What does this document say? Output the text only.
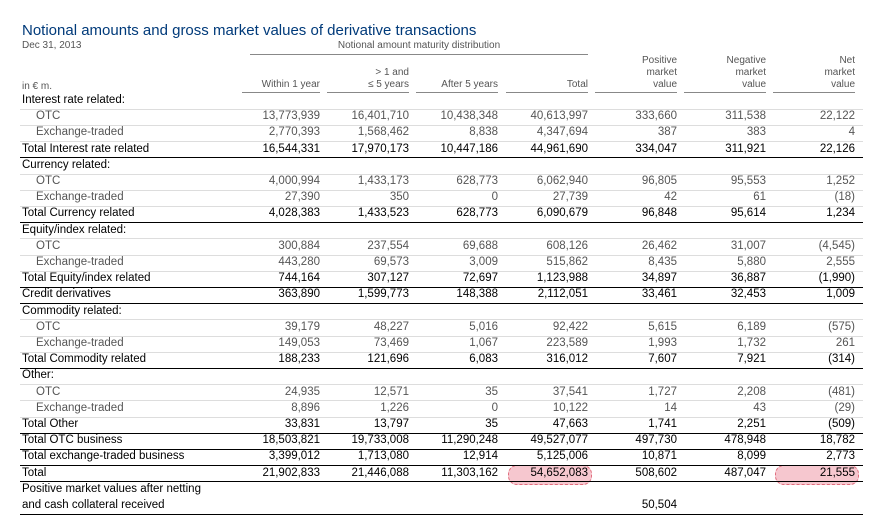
Notional amounts and gross market values of derivative transactions
Dec 31, 2013	Notional amount maturity distribution
in € m.	Within 1 year
> 1 and
≤ 5 years	After 5 years	Total
Positive
market
value
Negative
market
value
Net
market
value
Interest rate related:
OTC	13,773,939	16,401,710	10,438,348	40,613,997	333,660	311,538	22,122
Exchange-traded	2,770,393	1,568,462	8,838	4,347,694	387	383	4
Total Interest rate related	16,544,331	17,970,173	10,447,186	44,961,690	334,047	311,921	22,126
Currency related:
OTC	4,000,994	1,433,173	628,773	6,062,940	96,805	95,553	1,252
Exchange-traded	27,390	350	0	27,739	42	61	(18)
Total Currency related	4,028,383	1,433,523	628,773	6,090,679	96,848	95,614	1,234
Equity/index related:
OTC	300,884	237,554	69,688	608,126	26,462	31,007	(4,545)
Exchange-traded	443,280	69,573	3,009	515,862	8,435	5,880	2,555
Total Equity/index related	744,164	307,127	72,697	1,123,988	34,897	36,887	(1,990)
Credit derivatives	363,890	1,599,773	148,388	2,112,051	33,461	32,453	1,009
Commodity related:
OTC	39,179	48,227	5,016	92,422	5,615	6,189	(575)
Exchange-traded	149,053	73,469	1,067	223,589	1,993	1,732	261
Total Commodity related	188,233	121,696	6,083	316,012	7,607	7,921	(314)
Other:
OTC	24,935	12,571	35	37,541	1,727	2,208	(481)
Exchange-traded	8,896	1,226	0	10,122	14	43	(29)
Total Other	33,831	13,797	35	47,663	1,741	2,251	(509)
Total OTC business	18,503,821	19,733,008	11,290,248	49,527,077	497,730	478,948	18,782
Total exchange-traded business	3,399,012	1,713,080	12,914	5,125,006	10,871	8,099	2,773
Total	21,902,833	21,446,088	11,303,162	54,652,083	508,602	487,047	21,555
Positive market values after netting
and cash collateral received	50,504
